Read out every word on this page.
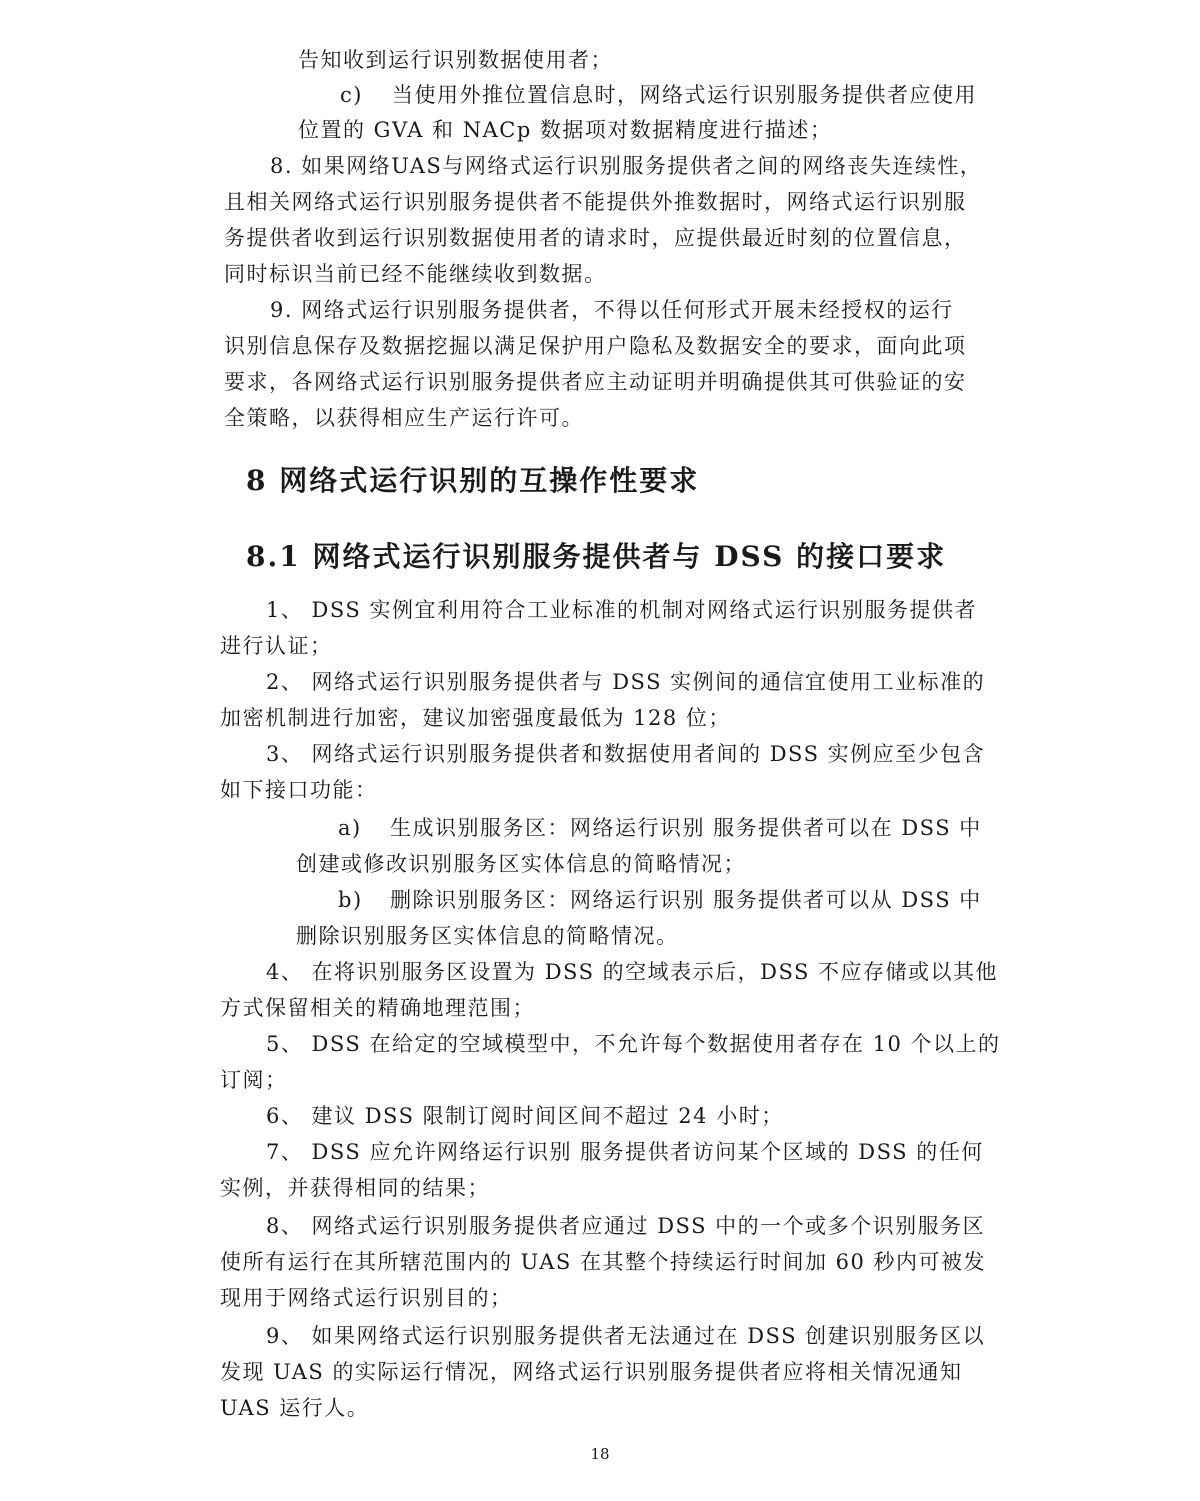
告知收到运行识别数据使用者；

c) 当使用外推位置信息时，网络式运行识别服务提供者应使用

位置的 GVA 和 NACp 数据项对数据精度进行描述；

8. 如果网络UAS与网络式运行识别服务提供者之间的网络丧失连续性，

且相关网络式运行识别服务提供者不能提供外推数据时，网络式运行识别服

务提供者收到运行识别数据使用者的请求时，应提供最近时刻的位置信息，

同时标识当前已经不能继续收到数据。

9. 网络式运行识别服务提供者，不得以任何形式开展未经授权的运行

识别信息保存及数据挖掘以满足保护用户隐私及数据安全的要求，面向此项

要求，各网络式运行识别服务提供者应主动证明并明确提供其可供验证的安

全策略，以获得相应生产运行许可。

8 网络式运行识别的互操作性要求
8.1 网络式运行识别服务提供者与 DSS 的接口要求

1、 DSS 实例宜利用符合工业标准的机制对网络式运行识别服务提供者

进行认证；

2、 网络式运行识别服务提供者与 DSS 实例间的通信宜使用工业标准的

加密机制进行加密，建议加密强度最低为 128 位；

3、 网络式运行识别服务提供者和数据使用者间的 DSS 实例应至少包含

如下接口功能：

a) 生成识别服务区：网络运行识别 服务提供者可以在 DSS 中

创建或修改识别服务区实体信息的简略情况；

b) 删除识别服务区：网络运行识别 服务提供者可以从 DSS 中

删除识别服务区实体信息的简略情况。

4、 在将识别服务区设置为 DSS 的空域表示后，DSS 不应存储或以其他

方式保留相关的精确地理范围；

5、 DSS 在给定的空域模型中，不允许每个数据使用者存在 10 个以上的

订阅；

6、 建议 DSS 限制订阅时间区间不超过 24 小时；

7、 DSS 应允许网络运行识别 服务提供者访问某个区域的 DSS 的任何

实例，并获得相同的结果；

8、 网络式运行识别服务提供者应通过 DSS 中的一个或多个识别服务区

使所有运行在其所辖范围内的 UAS 在其整个持续运行时间加 60 秒内可被发

现用于网络式运行识别目的；

9、 如果网络式运行识别服务提供者无法通过在 DSS 创建识别服务区以

发现 UAS 的实际运行情况，网络式运行识别服务提供者应将相关情况通知

UAS 运行人。

18
